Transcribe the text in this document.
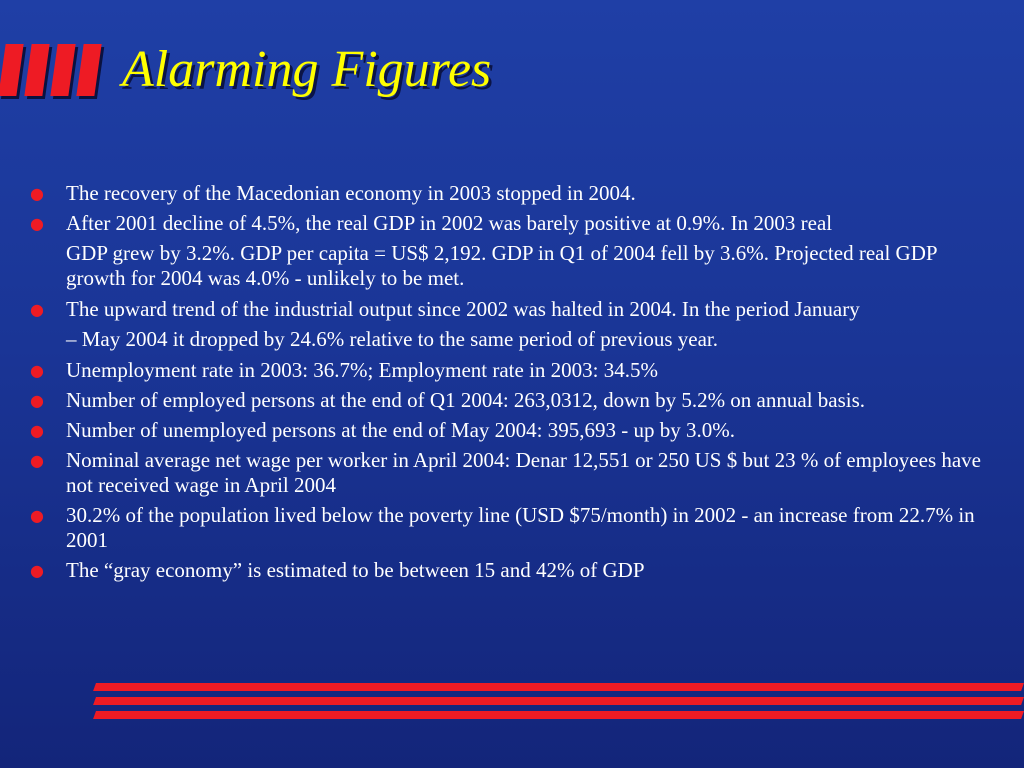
Alarming Figures
● The recovery of the Macedonian economy in 2003 stopped in 2004.
● After 2001 decline of 4.5%, the real GDP in 2002 was barely positive at 0.9%. In 2003 real
GDP grew by 3.2%. GDP per capita = US$ 2,192. GDP in Q1 of 2004 fell by 3.6%. Projected real GDP growth for 2004 was 4.0% - unlikely to be met.
● The upward trend of the industrial output since 2002 was halted in 2004. In the period January
– May 2004 it dropped by 24.6% relative to the same period of previous year.
● Unemployment rate in 2003: 36.7%; Employment rate in 2003: 34.5%
● Number of employed persons at the end of Q1 2004: 263,0312, down by 5.2% on annual basis.
● Number of unemployed persons at the end of May 2004: 395,693 - up by 3.0%.
● Nominal average net wage per worker in April 2004: Denar 12,551 or 250 US $ but 23 % of employees have not received wage in April 2004
● 30.2% of the population lived below the poverty line (USD $75/month) in 2002 - an increase from 22.7% in 2001
● The “gray economy” is estimated to be between 15 and 42% of GDP
